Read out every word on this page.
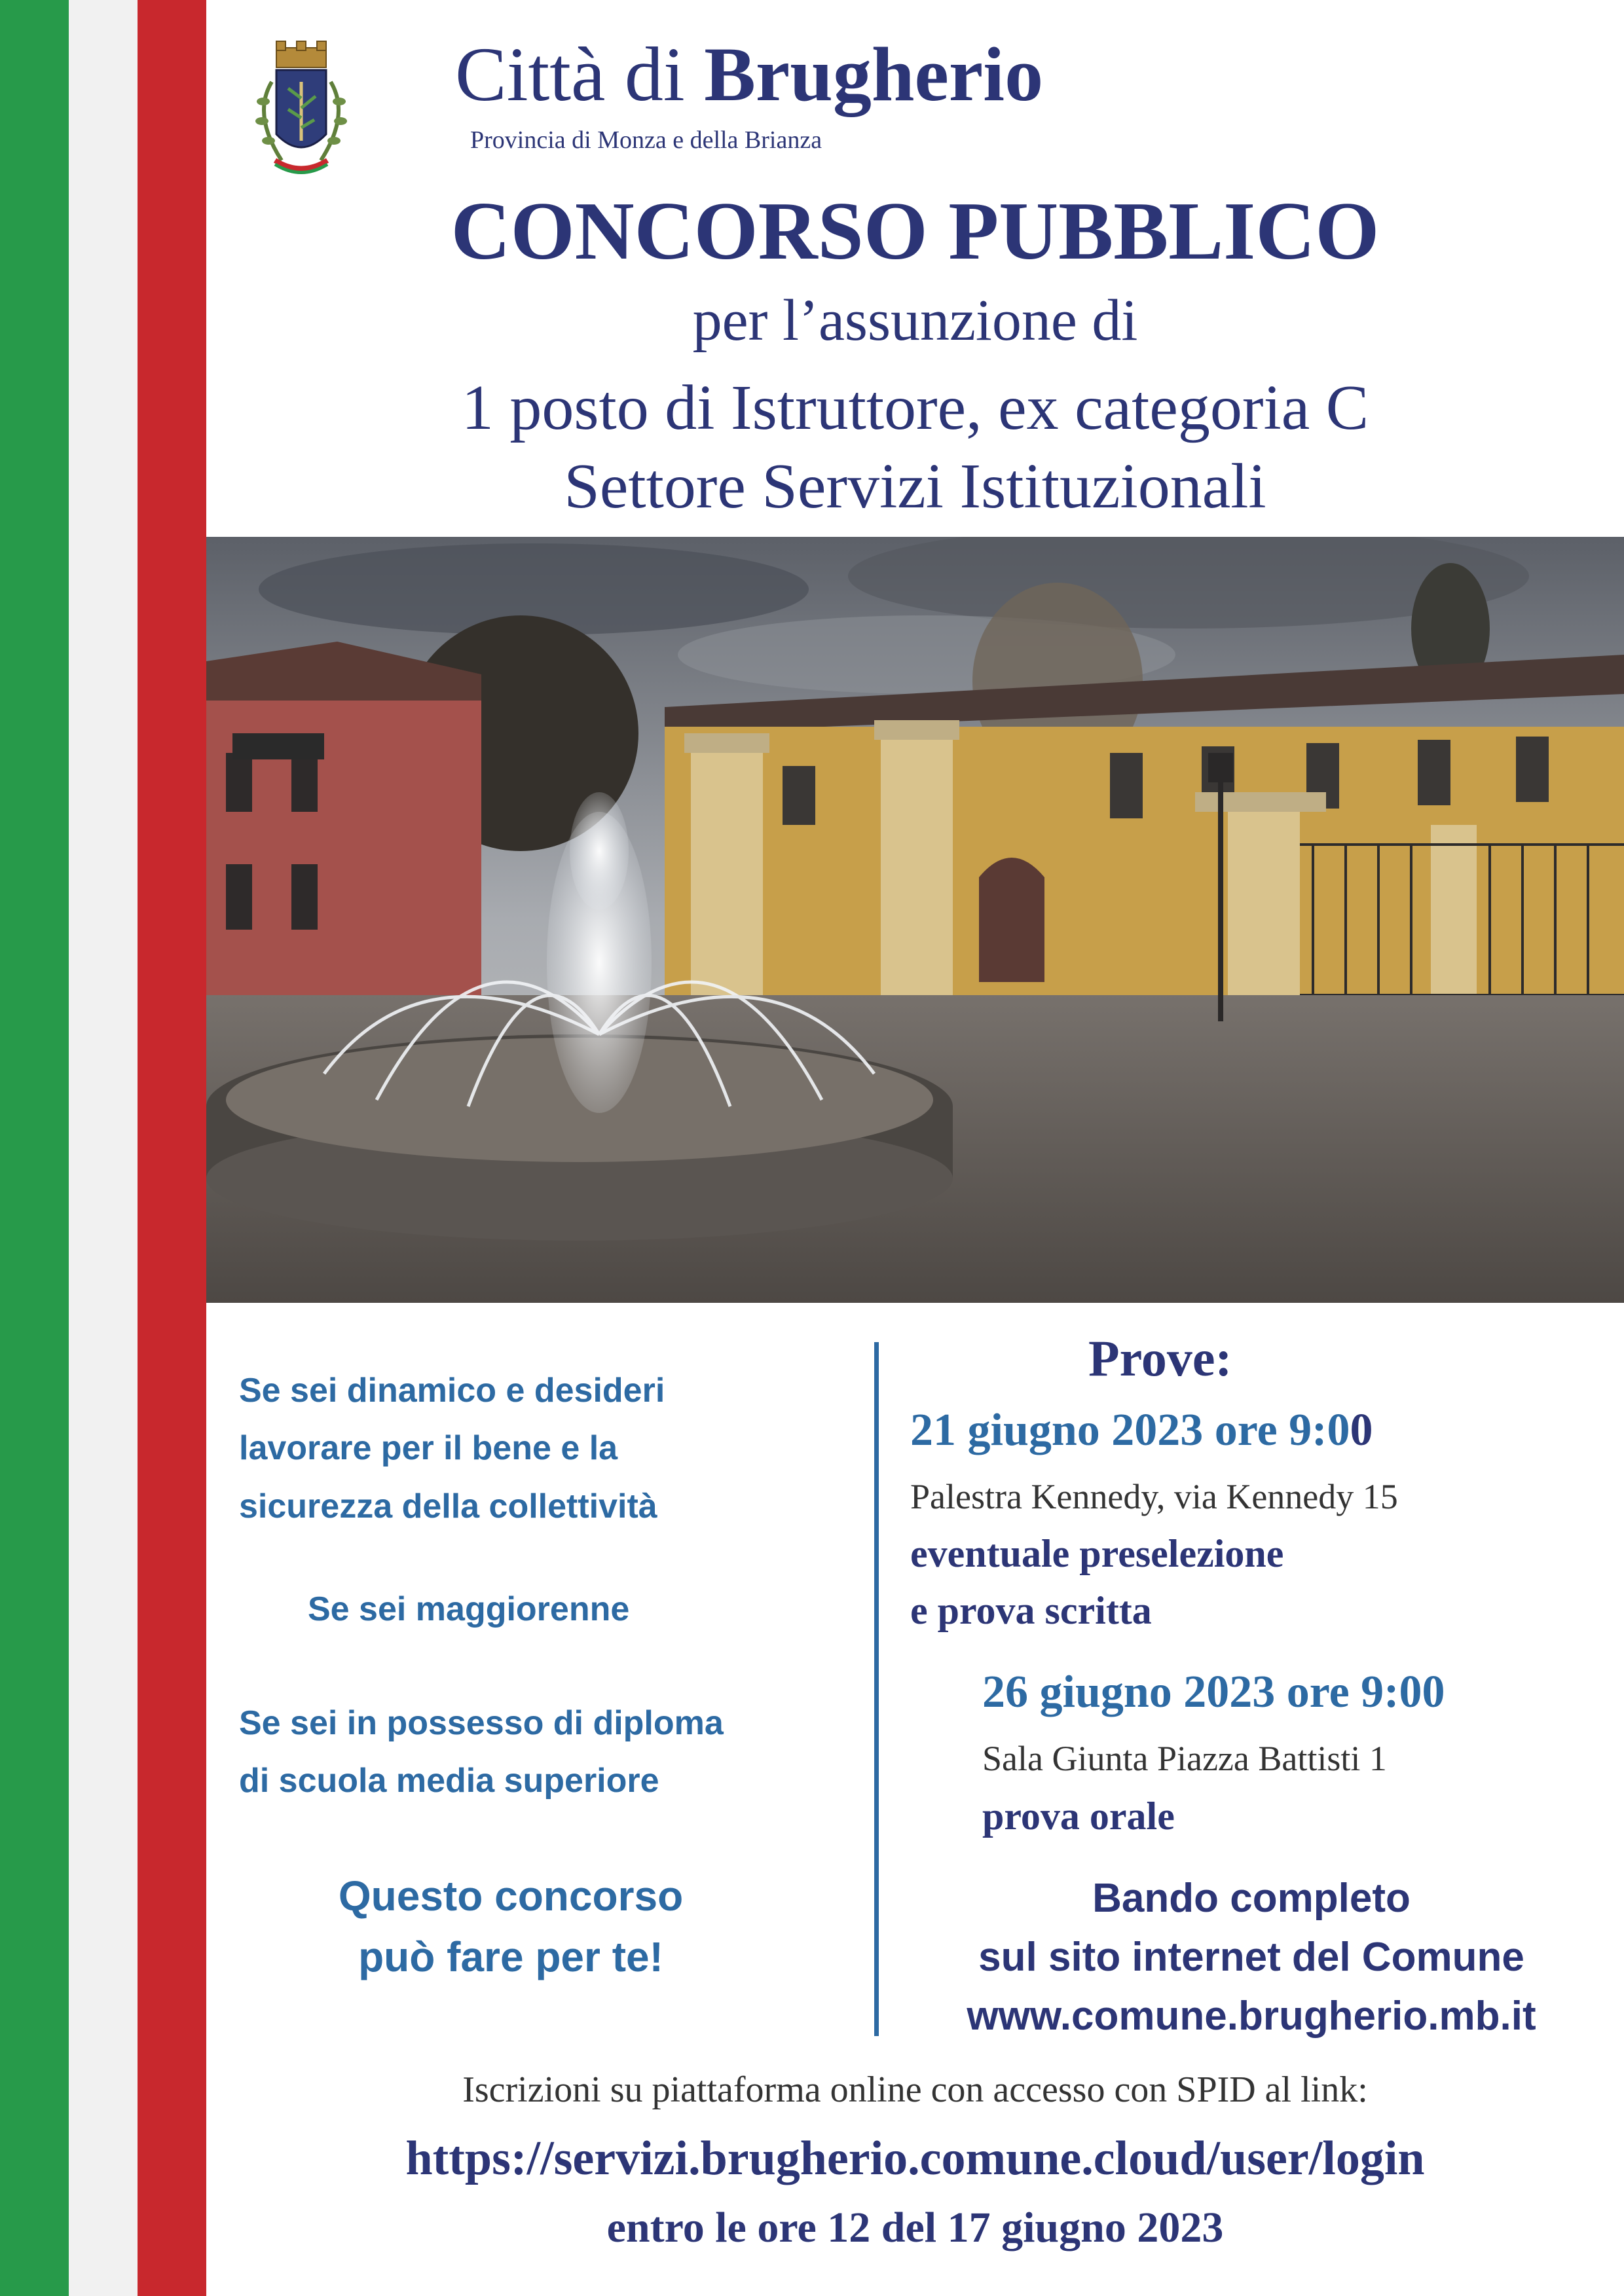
Città di Brugherio
Provincia di Monza e della Brianza
CONCORSO PUBBLICO
per l’assunzione di
1 posto di Istruttore, ex categoria C
Settore Servizi Istituzionali
Se sei dinamico e desideri
lavorare per il bene e la
sicurezza della collettività
Se sei maggiorenne
Se sei in possesso di diploma
di scuola media superiore
Questo concorso
può fare per te!
Prove:
21 giugno 2023 ore 9:00
Palestra Kennedy, via Kennedy 15
eventuale preselezione
e prova scritta
26 giugno 2023 ore 9:00
Sala Giunta Piazza Battisti 1
prova orale
Bando completo
sul sito internet del Comune
www.comune.brugherio.mb.it
Iscrizioni su piattaforma online con accesso con SPID al link:
https://servizi.brugherio.comune.cloud/user/login
entro le ore 12 del 17 giugno 2023
